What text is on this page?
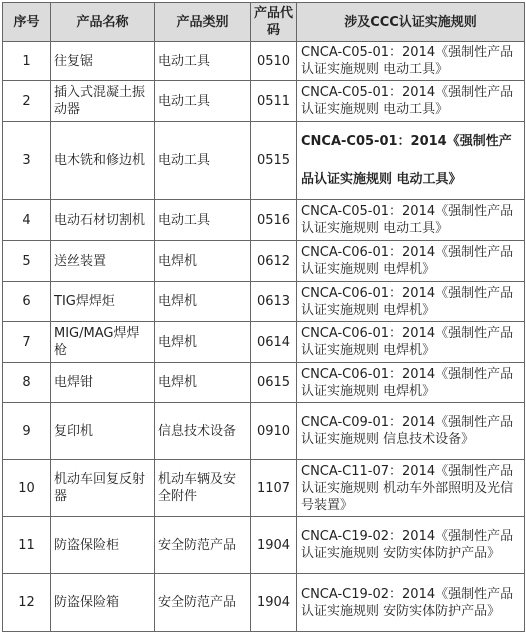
序号	产品名称	产品类别	产品代码	涉及CCC认证实施规则
1	往复锯	电动工具	0510	CNCA-C05-01：2014《强制性产品认证实施规则 电动工具》
2	插入式混凝土振动器	电动工具	0511	CNCA-C05-01：2014《强制性产品认证实施规则 电动工具》
3	电木铣和修边机	电动工具	0515	CNCA-C05-01：2014《强制性产品认证实施规则 电动工具》

4	电动石材切割机	电动工具	0516	CNCA-C05-01：2014《强制性产品认证实施规则 电动工具》
5	送丝装置	电焊机	0612	CNCA-C06-01：2014《强制性产品认证实施规则 电焊机》
6	TIG焊焊炬	电焊机	0613	CNCA-C06-01：2014《强制性产品认证实施规则 电焊机》
7	MIG/MAG焊焊枪	电焊机	0614	CNCA-C06-01：2014《强制性产品认证实施规则 电焊机》
8	电焊钳	电焊机	0615	CNCA-C06-01：2014《强制性产品认证实施规则 电焊机》
9	复印机	信息技术设备	0910	CNCA-C09-01：2014《强制性产品认证实施规则 信息技术设备》
10	机动车回复反射器	机动车辆及安全附件	1107	CNCA-C11-07：2014《强制性产品认证实施规则 机动车外部照明及光信号装置》
11	防盗保险柜	安全防范产品	1904	CNCA-C19-02：2014《强制性产品认证实施规则 安防实体防护产品》
12	防盗保险箱	安全防范产品	1904	CNCA-C19-02：2014《强制性产品认证实施规则 安防实体防护产品》
